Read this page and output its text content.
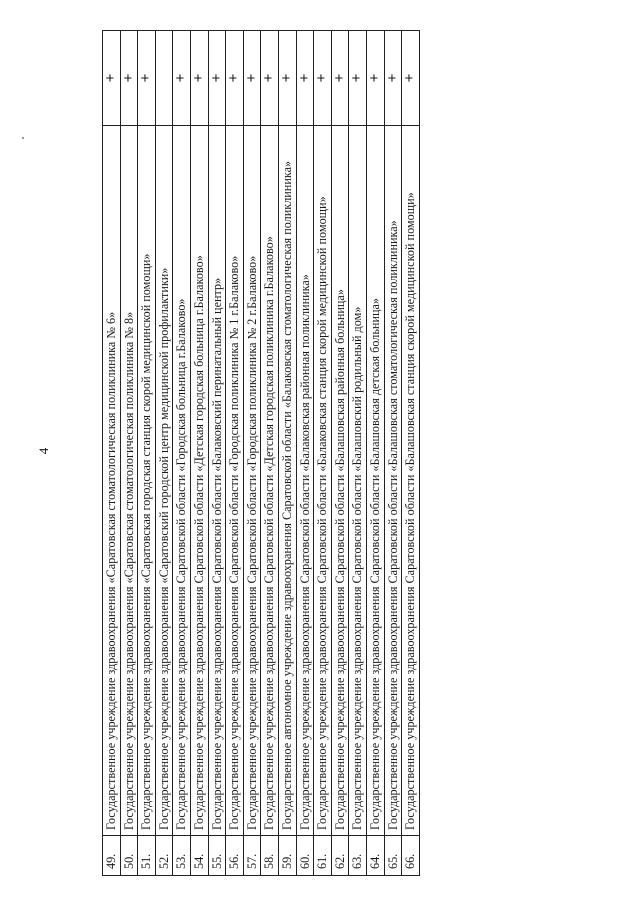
4
49.	Государственное учреждение здравоохранения «Саратовская стоматологическая поликлиника № 6»	+
50.	Государственное учреждение здравоохранения «Саратовская стоматологическая поликлиника № 8»	+
51.	Государственное учреждение здравоохранения «Саратовская городская станция скорой медицинской помощи»	+
52.	Государственное учреждение здравоохранения «Саратовский городской центр медицинской профилактики»	
53.	Государственное учреждение здравоохранения Саратовской области «Городская больница г.Балаково»	+
54.	Государственное учреждение здравоохранения Саратовской области «Детская городская больница г.Балаково»	+
55.	Государственное учреждение здравоохранения Саратовской области «Балаковский перинатальный центр»	+
56.	Государственное учреждение здравоохранения Саратовской области «Городская поликлиника № 1 г.Балаково»	+
57.	Государственное учреждение здравоохранения Саратовской области «Городская поликлиника № 2 г.Балаково»	+
58.	Государственное учреждение здравоохранения Саратовской области «Детская городская поликлиника г.Балаково»	+
59.	Государственное автономное учреждение здравоохранения Саратовской области «Балаковская стоматологическая поликлиника»	+
60.	Государственное учреждение здравоохранения Саратовской области «Балаковская районная поликлиника»	+
61.	Государственное учреждение здравоохранения Саратовской области «Балаковская станция скорой медицинской помощи»	+
62.	Государственное учреждение здравоохранения Саратовской области «Балашовская районная больница»	+
63.	Государственное учреждение здравоохранения Саратовской области «Балашовский родильный дом»	+
64.	Государственное учреждение здравоохранения Саратовской области «Балашовская детская больница»	+
65.	Государственное учреждение здравоохранения Саратовской области «Балашовская стоматологическая поликлиника»	+
66.	Государственное учреждение здравоохранения Саратовской области «Балашовская станция скорой медицинской помощи»	+
